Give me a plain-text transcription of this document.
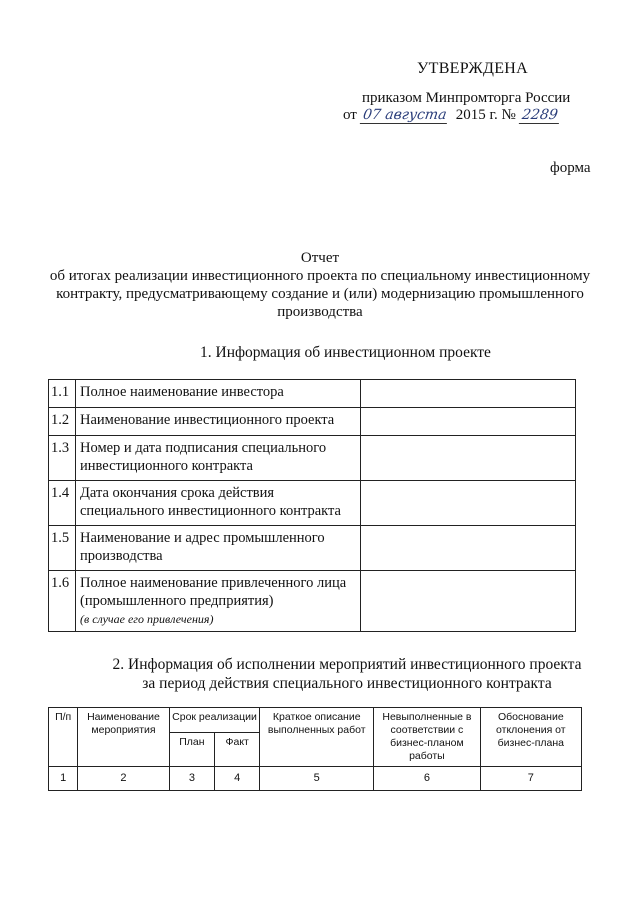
УТВЕРЖДЕНА
приказом Минпромторга России
от 07 августа 2015 г. № 2289
форма
Отчет
об итогах реализации инвестиционного проекта по специальному инвестиционному контракту, предусматривающему создание и (или) модернизацию промышленного производства
1. Информация об инвестиционном проекте
1.1	Полное наименование инвестора	
1.2	Наименование инвестиционного проекта	
1.3	Номер и дата подписания специального инвестиционного контракта	
1.4	Дата окончания срока действия специального инвестиционного контракта	
1.5	Наименование и адрес промышленного производства	
1.6	Полное наименование привлеченного лица (промышленного предприятия)
(в случае его привлечения)	

2. Информация об исполнении мероприятий инвестиционного проекта
за период действия специального инвестиционного контракта
П/п	Наименование мероприятия	Срок реализации		Краткое описание выполненных работ	Невыполненные в соответствии с бизнес-планом работы	Обоснование отклонения от бизнес-плана
		План	Факт			
1	2	3	4	5	6	7
